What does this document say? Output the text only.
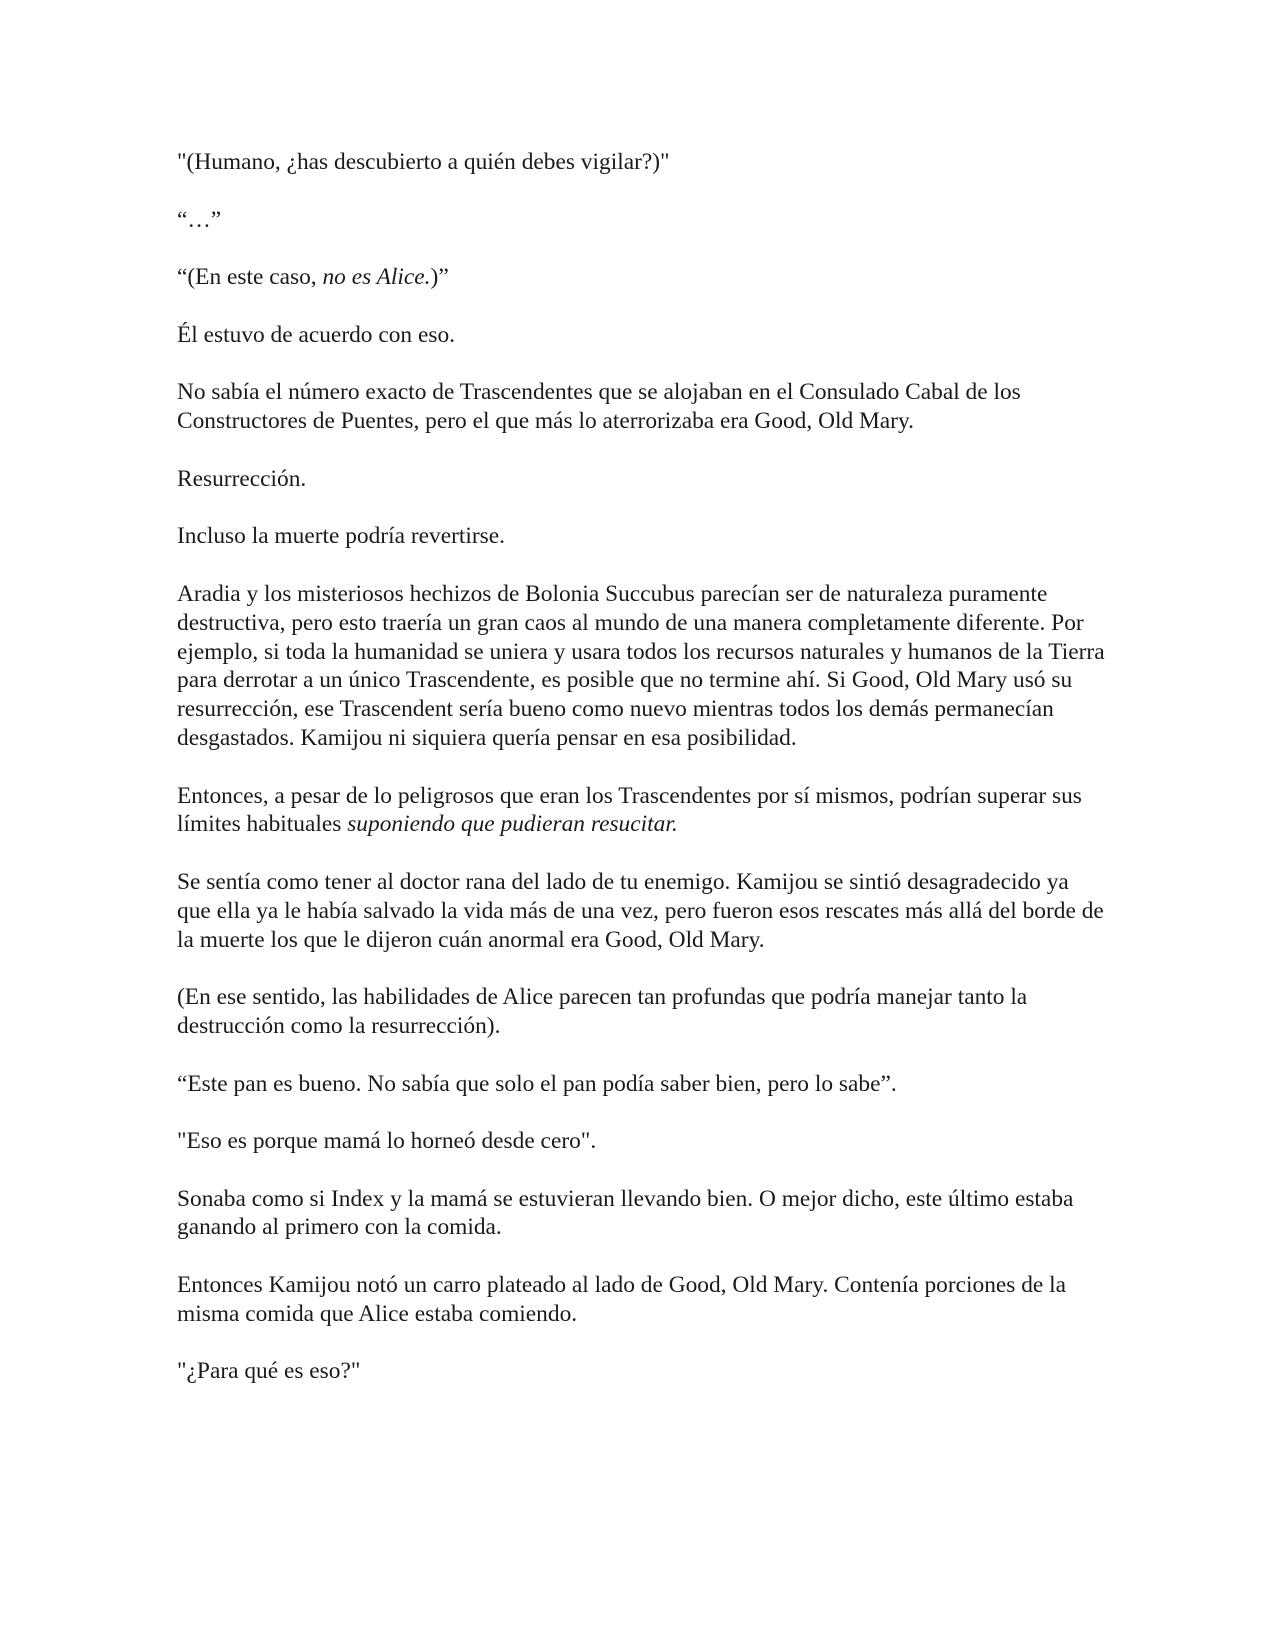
"(Humano, ¿has descubierto a quién debes vigilar?)"

“…”

“(En este caso, no es Alice.)”

Él estuvo de acuerdo con eso.

No sabía el número exacto de Trascendentes que se alojaban en el Consulado Cabal de los Constructores de Puentes, pero el que más lo aterrorizaba era Good, Old Mary.

Resurrección.

Incluso la muerte podría revertirse.

Aradia y los misteriosos hechizos de Bolonia Succubus parecían ser de naturaleza puramente destructiva, pero esto traería un gran caos al mundo de una manera completamente diferente. Por ejemplo, si toda la humanidad se uniera y usara todos los recursos naturales y humanos de la Tierra para derrotar a un único Trascendente, es posible que no termine ahí. Si Good, Old Mary usó su resurrección, ese Trascendent sería bueno como nuevo mientras todos los demás permanecían desgastados. Kamijou ni siquiera quería pensar en esa posibilidad.

Entonces, a pesar de lo peligrosos que eran los Trascendentes por sí mismos, podrían superar sus límites habituales suponiendo que pudieran resucitar.

Se sentía como tener al doctor rana del lado de tu enemigo. Kamijou se sintió desagradecido ya que ella ya le había salvado la vida más de una vez, pero fueron esos rescates más allá del borde de la muerte los que le dijeron cuán anormal era Good, Old Mary.

(En ese sentido, las habilidades de Alice parecen tan profundas que podría manejar tanto la destrucción como la resurrección).

“Este pan es bueno. No sabía que solo el pan podía saber bien, pero lo sabe”.

"Eso es porque mamá lo horneó desde cero".

Sonaba como si Index y la mamá se estuvieran llevando bien. O mejor dicho, este último estaba ganando al primero con la comida.

Entonces Kamijou notó un carro plateado al lado de Good, Old Mary. Contenía porciones de la misma comida que Alice estaba comiendo.

"¿Para qué es eso?"
